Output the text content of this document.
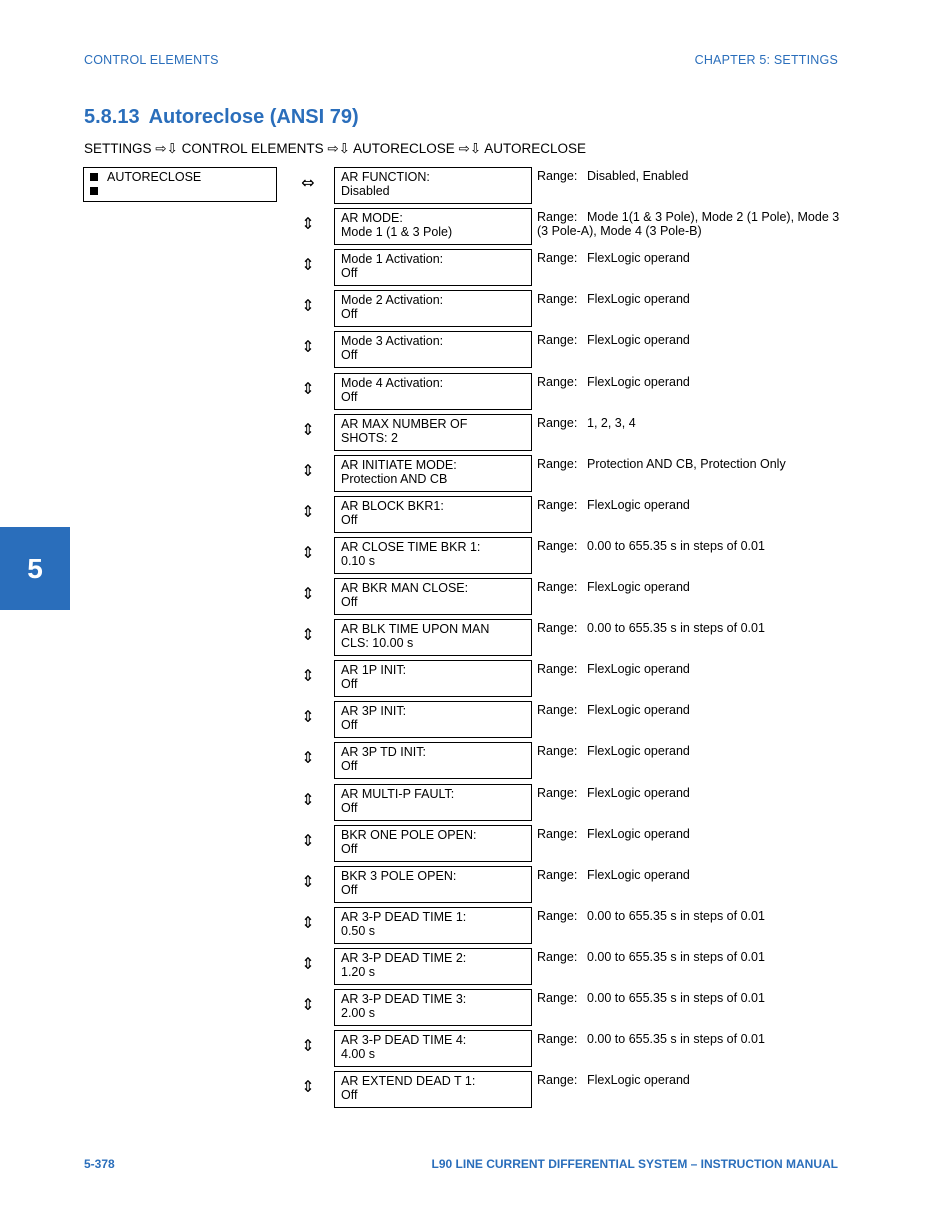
CONTROL ELEMENTS	CHAPTER 5: SETTINGS
5.8.13 Autoreclose (ANSI 79)
SETTINGS ⇨⇩ CONTROL ELEMENTS ⇨⇩ AUTORECLOSE ⇨⇩ AUTORECLOSE
AUTORECLOSE
5
⇔	AR FUNCTION:
Disabled
Range: Disabled, Enabled
⇕	AR MODE:
Mode 1 (1 & 3 Pole)
Range: Mode 1(1 & 3 Pole), Mode 2 (1 Pole), Mode 3 (3 Pole-A), Mode 4 (3 Pole-B)
⇕	Mode 1 Activation:
Off
Range: FlexLogic operand
⇕	Mode 2 Activation:
Off
Range: FlexLogic operand
⇕	Mode 3 Activation:
Off
Range: FlexLogic operand
⇕	Mode 4 Activation:
Off
Range: FlexLogic operand
⇕	AR MAX NUMBER OF
SHOTS: 2
Range: 1, 2, 3, 4
⇕	AR INITIATE MODE:
Protection AND CB
Range: Protection AND CB, Protection Only
⇕	AR BLOCK BKR1:
Off
Range: FlexLogic operand
⇕	AR CLOSE TIME BKR 1:
0.10 s
Range: 0.00 to 655.35 s in steps of 0.01
⇕	AR BKR MAN CLOSE:
Off
Range: FlexLogic operand
⇕	AR BLK TIME UPON MAN
CLS: 10.00 s
Range: 0.00 to 655.35 s in steps of 0.01
⇕	AR 1P INIT:
Off
Range: FlexLogic operand
⇕	AR 3P INIT:
Off
Range: FlexLogic operand
⇕	AR 3P TD INIT:
Off
Range: FlexLogic operand
⇕	AR MULTI-P FAULT:
Off
Range: FlexLogic operand
⇕	BKR ONE POLE OPEN:
Off
Range: FlexLogic operand
⇕	BKR 3 POLE OPEN:
Off
Range: FlexLogic operand
⇕	AR 3-P DEAD TIME 1:
0.50 s
Range: 0.00 to 655.35 s in steps of 0.01
⇕	AR 3-P DEAD TIME 2:
1.20 s
Range: 0.00 to 655.35 s in steps of 0.01
⇕	AR 3-P DEAD TIME 3:
2.00 s
Range: 0.00 to 655.35 s in steps of 0.01
⇕	AR 3-P DEAD TIME 4:
4.00 s
Range: 0.00 to 655.35 s in steps of 0.01
⇕	AR EXTEND DEAD T 1:
Off
Range: FlexLogic operand
5-378	L90 LINE CURRENT DIFFERENTIAL SYSTEM – INSTRUCTION MANUAL
